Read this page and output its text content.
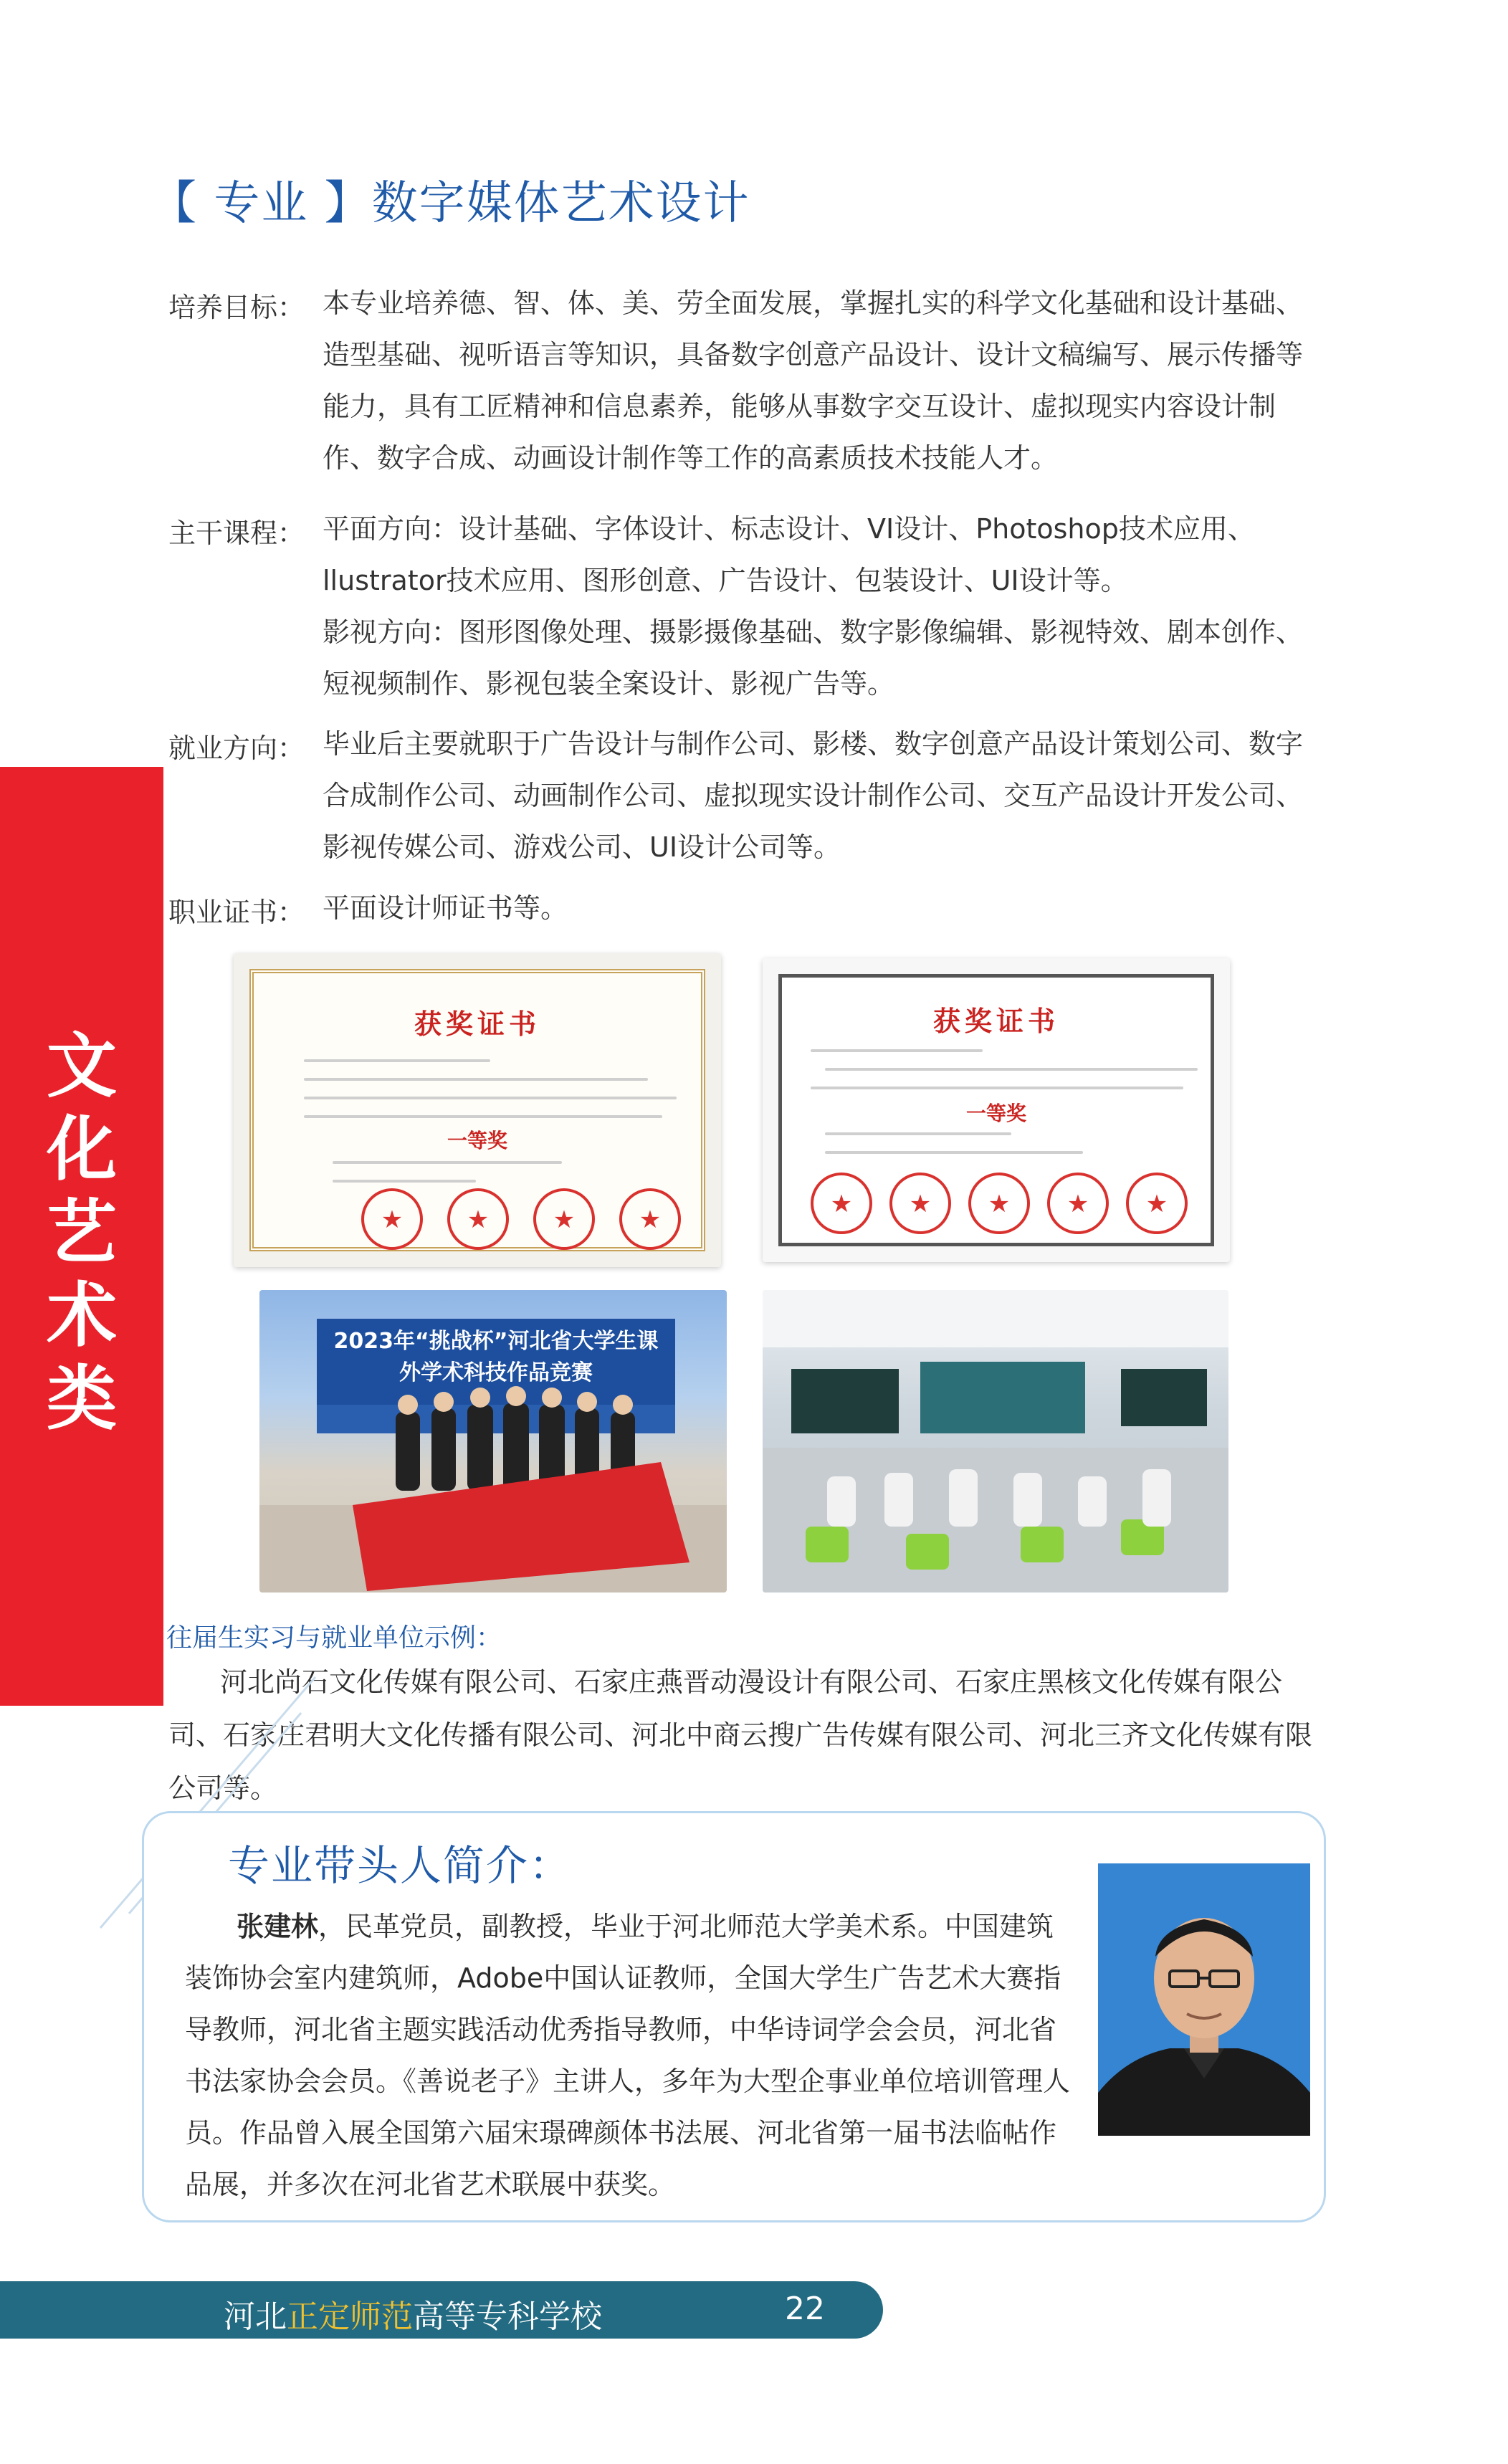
【 专业 】数字媒体艺术设计
培养目标： 本专业培养德、智、体、美、劳全面发展，掌握扎实的科学文化基础和设计基础、造型基础、视听语言等知识，具备数字创意产品设计、设计文稿编写、展示传播等能力，具有工匠精神和信息素养，能够从事数字交互设计、虚拟现实内容设计制作、数字合成、动画设计制作等工作的高素质技术技能人才。

主干课程： 平面方向：设计基础、字体设计、标志设计、VI设计、Photoshop技术应用、llustrator技术应用、图形创意、广告设计、包装设计、UI设计等。

影视方向：图形图像处理、摄影摄像基础、数字影像编辑、影视特效、剧本创作、短视频制作、影视包装全案设计、影视广告等。

就业方向： 毕业后主要就职于广告设计与制作公司、影楼、数字创意产品设计策划公司、数字合成制作公司、动画制作公司、虚拟现实设计制作公司、交互产品设计开发公司、影视传媒公司、游戏公司、UI设计公司等。

职业证书： 平面设计师证书等。

文
化
艺
术
类
获奖证书
一等奖
★
★
★
★
获奖证书
一等奖
★
★
★
★
★
2023年“挑战杯”河北省大学生课外学术科技作品竞赛
往届生实习与就业单位示例：
河北尚石文化传媒有限公司、石家庄燕晋动漫设计有限公司、石家庄黑核文化传媒有限公司、石家庄君明大文化传播有限公司、河北中商云搜广告传媒有限公司、河北三齐文化传媒有限公司等。
专业带头人简介：
张建林，民革党员，副教授，毕业于河北师范大学美术系。中国建筑装饰协会室内建筑师，Adobe中国认证教师，全国大学生广告艺术大赛指导教师，河北省主题实践活动优秀指导教师，中华诗词学会会员，河北省书法家协会会员。《善说老子》主讲人，多年为大型企事业单位培训管理人员。作品曾入展全国第六届宋璟碑颜体书法展、河北省第一届书法临帖作品展，并多次在河北省艺术联展中获奖。
河北正定师范高等专科学校	22
